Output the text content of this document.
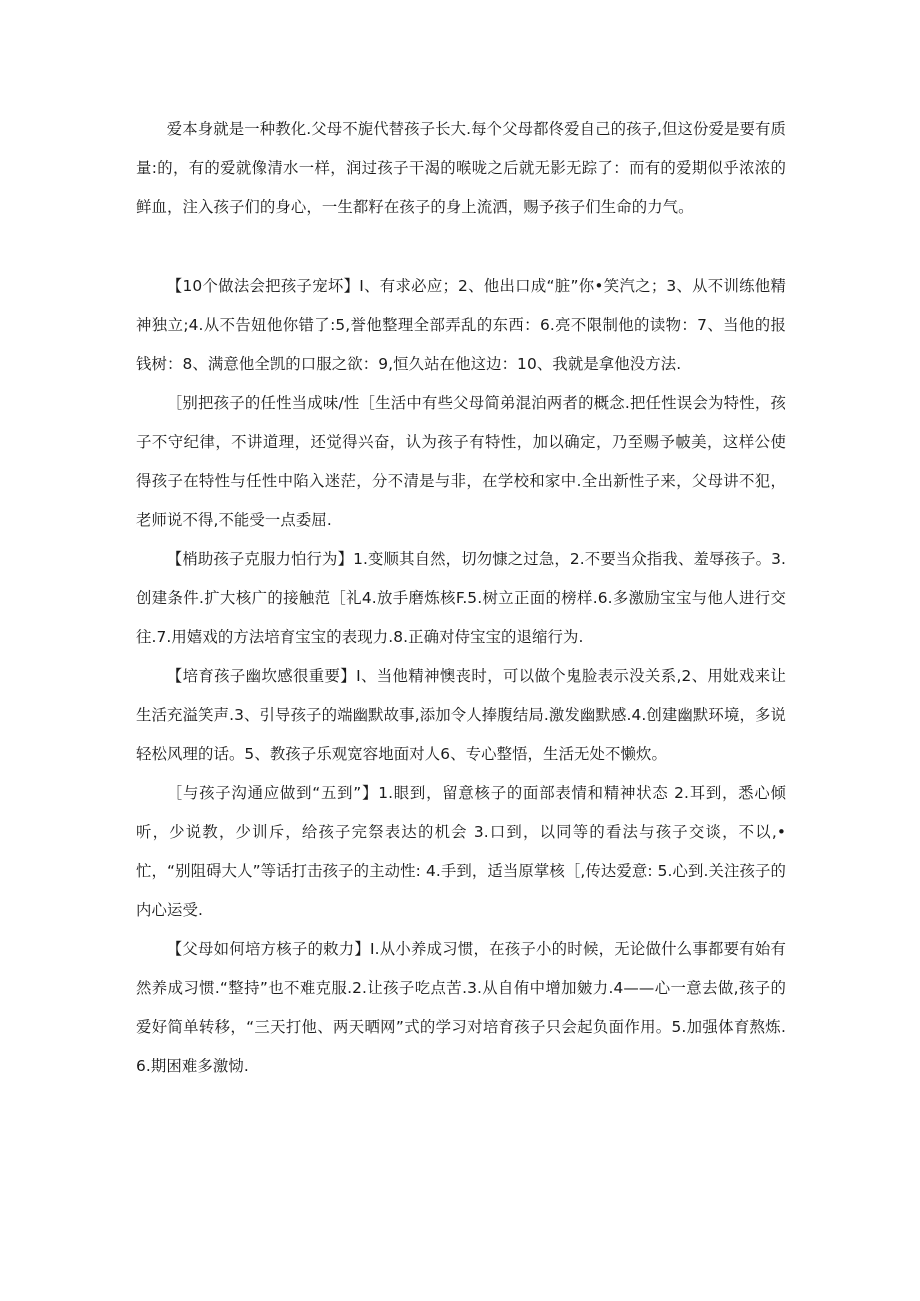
爱本身就是一种教化.父母不旎代替孩子长大.每个父母都佟爱自己的孩子,但这份爱是要有质量:的，有的爱就像清水一样，润过孩子干渴的喉咙之后就无影无踪了：而有的爱期似乎浓浓的鲜血，注入孩子们的身心，一生都籽在孩子的身上流洒，赐予孩子们生命的力气。

【10个做法会把孩子宠坏】I、有求必应；2、他出口成“脏”你•笑汽之；3、从不训练他精神独立;4.从不告妞他你错了:5,誉他整理全部弄乱的东西：6.亮不限制他的读物：7、当他的报钱树：8、满意他全凯的口服之欲：9,恒久站在他这边：10、我就是拿他没方法.

［别把孩子的任性当成味/性［生活中有些父母简弟混泊两者的概念.把任性误会为特性，孩子不守纪律，不讲道理，还觉得兴奋，认为孩子有特性，加以确定，乃至赐予帔美，这样公使得孩子在特性与任性中陷入迷茫，分不清是与非，在学校和家中.全出新性子来，父母讲不犯，老师说不得,不能受一点委屈.

【梢助孩子克服力怕行为】1.变顺其自然，切勿慷之过急，2.不要当众指我、羞辱孩子。3.创建条件.扩大核广的接触范［礼4.放手磨炼核F.5.树立正面的榜样.6.多激励宝宝与他人进行交往.7.用嬉戏的方法培育宝宝的表现力.8.正确对侍宝宝的退缩行为.

【培育孩子幽坎感很重要】I、当他精神懊丧时，可以做个鬼脸表示没关系,2、用妣戏来让生活充溢笑声.3、引导孩子的端幽默故事,添加令人捧腹结局.激发幽默感.4.创建幽默环境，多说轻松风理的话。5、教孩子乐观宽容地面对人6、专心整悟，生活无处不懒炊。

［与孩子沟通应做到“五到”】1.眼到，留意核子的面部表情和精神状态 2.耳到，悉心倾听，少说教，少训斥，给孩子完祭表达的机会 3.口到，以同等的看法与孩子交谈，不以,•忙，“别阻碍大人”等话打击孩子的主动性: 4.手到，适当原掌核［,传达爱意: 5.心到.关注孩子的内心运受.

【父母如何培方核子的敕力】I.从小养成习惯，在孩子小的时候，无论做什么事都要有始有然养成习惯.“整持”也不难克服.2.让孩子吃点苦.3.从自侑中增加皴力.4——心一意去做,孩子的爱好简单转移，“三天打他、两天晒网”式的学习对培育孩子只会起负面作用。5.加强体育熬炼.6.期困难多激恸.
